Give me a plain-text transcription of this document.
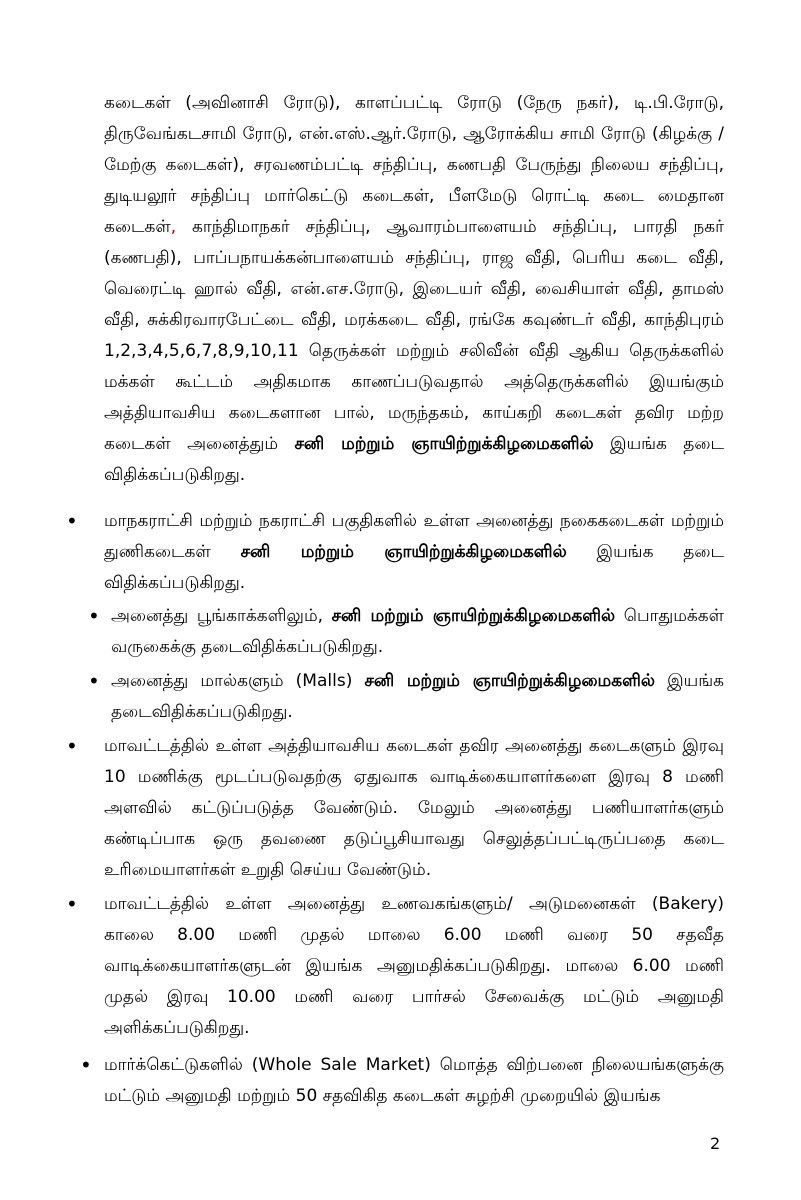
கடைகள் (அவினாசி ரோடு), காளப்பட்டி ரோடு (நேரு நகர்), டி.பி.ரோடு, திருவேங்கடசாமி ரோடு, என்.எஸ்.ஆர்.ரோடு, ஆரோக்கிய சாமி ரோடு (கிழக்கு / மேற்கு கடைகள்), சரவணம்பட்டி சந்திப்பு, கணபதி பேருந்து நிலைய சந்திப்பு, துடியலூர் சந்திப்பு மார்கெட்டு கடைகள், பீளமேடு ரொட்டி கடை மைதான கடைகள், காந்திமாநகர் சந்திப்பு, ஆவாரம்பாளையம் சந்திப்பு, பாரதி நகர் (கணபதி), பாப்பநாயக்கன்பாளையம் சந்திப்பு, ராஜ வீதி, பெரிய கடை வீதி, வெரைட்டி ஹால் வீதி, என்.எச.ரோடு, இடையர் வீதி, வைசியாள் வீதி, தாமஸ் வீதி, சுக்கிரவாரபேட்டை வீதி, மரக்கடை வீதி, ரங்கே கவுண்டர் வீதி, காந்திபுரம் 1,2,3,4,5,6,7,8,9,10,11 தெருக்கள் மற்றும் சலிவீன் வீதி ஆகிய தெருக்களில் மக்கள் கூட்டம் அதிகமாக காணப்படுவதால் அத்தெருக்களில் இயங்கும் அத்தியாவசிய கடைகளான பால், மருந்தகம், காய்கறி கடைகள் தவிர மற்ற கடைகள் அனைத்தும் சனி மற்றும் ஞாயிற்றுக்கிழமைகளில் இயங்க தடை விதிக்கப்படுகிறது.
• மாநகராட்சி மற்றும் நகராட்சி பகுதிகளில் உள்ள அனைத்து நகைகடைகள் மற்றும் துணிகடைகள் சனி மற்றும் ஞாயிற்றுக்கிழமைகளில் இயங்க தடை விதிக்கப்படுகிறது.
• அனைத்து பூங்காக்களிலும், சனி மற்றும் ஞாயிற்றுக்கிழமைகளில் பொதுமக்கள் வருகைக்கு தடைவிதிக்கப்படுகிறது.
• அனைத்து மால்களும் (Malls) சனி மற்றும் ஞாயிற்றுக்கிழமைகளில் இயங்க தடைவிதிக்கப்படுகிறது.
• மாவட்டத்தில் உள்ள அத்தியாவசிய கடைகள் தவிர அனைத்து கடைகளும் இரவு 10 மணிக்கு மூடப்படுவதற்கு ஏதுவாக வாடிக்கையாளர்களை இரவு 8 மணி அளவில் கட்டுப்படுத்த வேண்டும். மேலும் அனைத்து பணியாளர்களும் கண்டிப்பாக ஒரு தவணை தடுப்பூசியாவது செலுத்தப்பட்டிருப்பதை கடை உரிமையாளர்கள் உறுதி செய்ய வேண்டும்.
• மாவட்டத்தில் உள்ள அனைத்து உணவகங்களும்/ அடுமனைகள் (Bakery) காலை 8.00 மணி முதல் மாலை 6.00 மணி வரை 50 சதவீத வாடிக்கையாளர்களுடன் இயங்க அனுமதிக்கப்படுகிறது. மாலை 6.00 மணி முதல் இரவு 10.00 மணி வரை பார்சல் சேவைக்கு மட்டும் அனுமதி அளிக்கப்படுகிறது.
• மார்க்கெட்டுகளில் (Whole Sale Market) மொத்த விற்பனை நிலையங்களுக்கு மட்டும் அனுமதி மற்றும் 50 சதவிகித கடைகள் சுழற்சி முறையில் இயங்க
2
